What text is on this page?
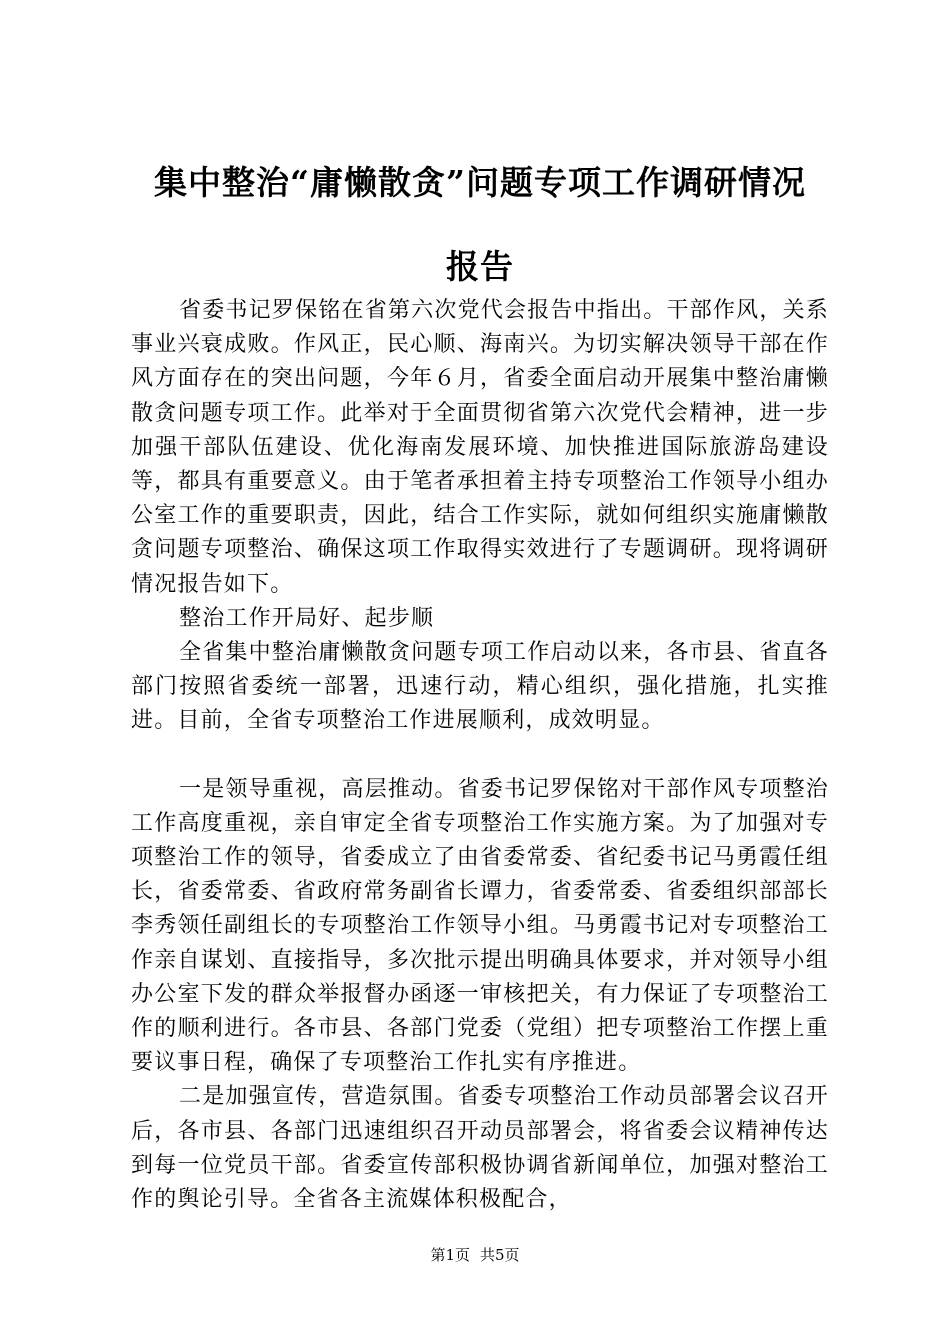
集中整治“庸懒散贪”问题专项工作调研情况
报告

省委书记罗保铭在省第六次党代会报告中指出。干部作风，关系事业兴衰成败。作风正，民心顺、海南兴。为切实解决领导干部在作风方面存在的突出问题，今年６月，省委全面启动开展集中整治庸懒散贪问题专项工作。此举对于全面贯彻省第六次党代会精神，进一步加强干部队伍建设、优化海南发展环境、加快推进国际旅游岛建设等，都具有重要意义。由于笔者承担着主持专项整治工作领导小组办公室工作的重要职责，因此，结合工作实际，就如何组织实施庸懒散贪问题专项整治、确保这项工作取得实效进行了专题调研。现将调研情况报告如下。

整治工作开局好、起步顺

全省集中整治庸懒散贪问题专项工作启动以来，各市县、省直各部门按照省委统一部署，迅速行动，精心组织，强化措施，扎实推进。目前，全省专项整治工作进展顺利，成效明显。

一是领导重视，高层推动。省委书记罗保铭对干部作风专项整治工作高度重视，亲自审定全省专项整治工作实施方案。为了加强对专项整治工作的领导，省委成立了由省委常委、省纪委书记马勇霞任组长，省委常委、省政府常务副省长谭力，省委常委、省委组织部部长李秀领任副组长的专项整治工作领导小组。马勇霞书记对专项整治工作亲自谋划、直接指导，多次批示提出明确具体要求，并对领导小组办公室下发的群众举报督办函逐一审核把关，有力保证了专项整治工作的顺利进行。各市县、各部门党委（党组）把专项整治工作摆上重要议事日程，确保了专项整治工作扎实有序推进。

二是加强宣传，营造氛围。省委专项整治工作动员部署会议召开后，各市县、各部门迅速组织召开动员部署会，将省委会议精神传达到每一位党员干部。省委宣传部积极协调省新闻单位，加强对整治工作的舆论引导。全省各主流媒体积极配合，

第1页 共5页
